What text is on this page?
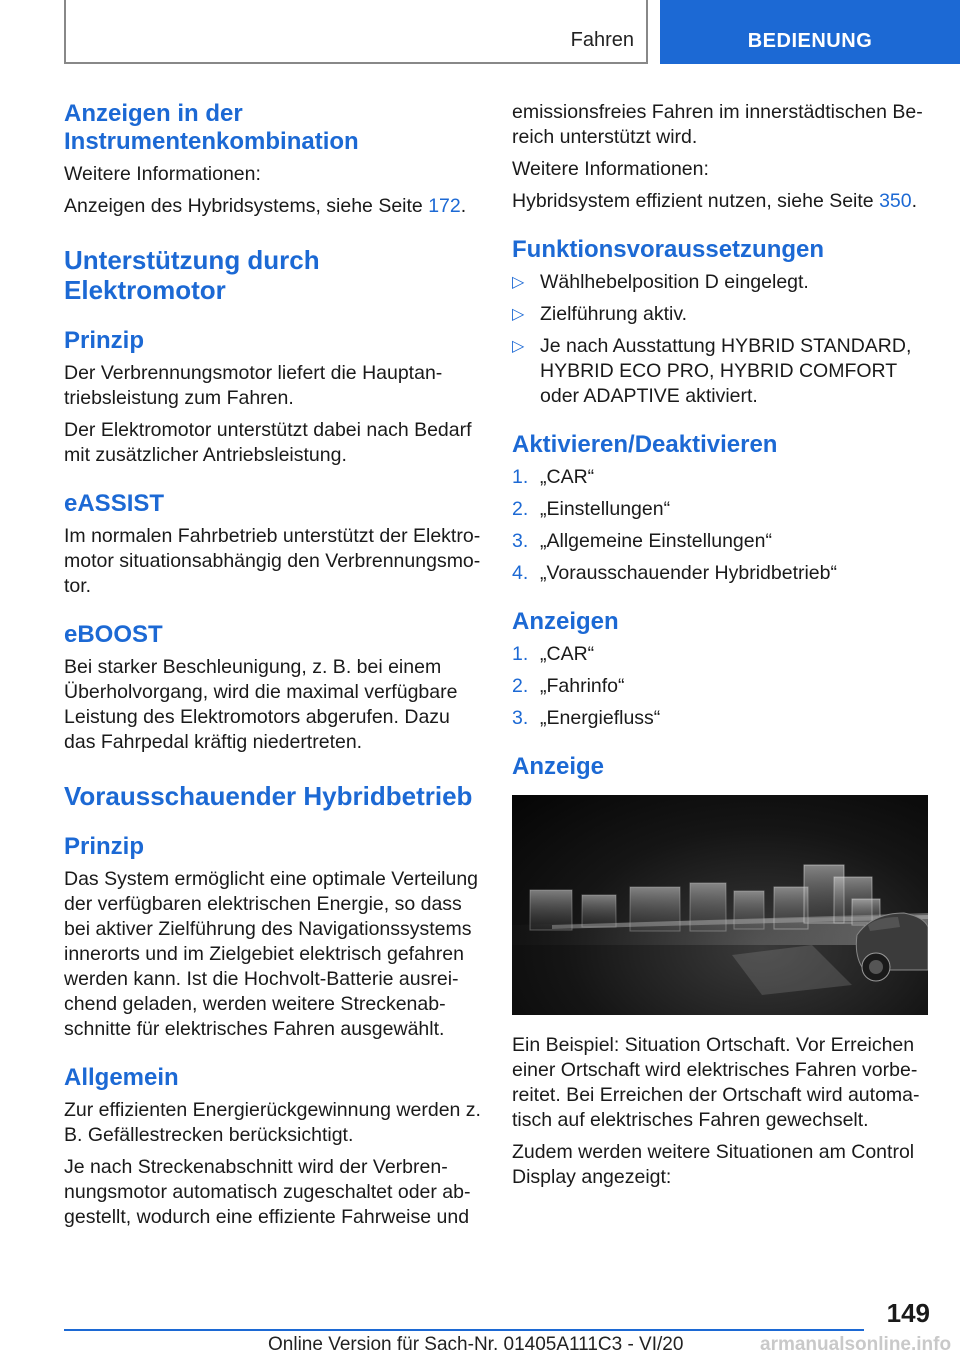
Fahren	BEDIENUNG
Anzeigen in der Instrumentenkombination

Weitere Informationen:

Anzeigen des Hybridsystems, siehe Seite 172.

Unterstützung durch Elektromotor
Prinzip

Der Verbrennungsmotor liefert die Hauptantriebsleistung zum Fahren.

Der Elektromotor unterstützt dabei nach Bedarf mit zusätzlicher Antriebsleistung.

eASSIST

Im normalen Fahrbetrieb unterstützt der Elektromotor situationsabhängig den Verbrennungsmotor.

eBOOST

Bei starker Beschleunigung, z. B. bei einem Überholvorgang, wird die maximal verfügbare Leistung des Elektromotors abgerufen. Dazu das Fahrpedal kräftig niedertreten.

Vorausschauender Hybridbetrieb
Prinzip

Das System ermöglicht eine optimale Verteilung der verfügbaren elektrischen Energie, so dass bei aktiver Zielführung des Navigationssystems innerorts und im Zielgebiet elektrisch gefahren werden kann. Ist die Hochvolt-Batterie ausreichend geladen, werden weitere Streckenabschnitte für elektrisches Fahren ausgewählt.

Allgemein

Zur effizienten Energierückgewinnung werden z. B. Gefällestrecken berücksichtigt.

Je nach Streckenabschnitt wird der Verbrennungsmotor automatisch zugeschaltet oder abgestellt, wodurch eine effiziente Fahrweise und

emissionsfreies Fahren im innerstädtischen Bereich unterstützt wird.

Weitere Informationen:

Hybridsystem effizient nutzen, siehe Seite 350.

Funktionsvoraussetzungen
▷ Wählhebelposition D eingelegt.
▷ Zielführung aktiv.
▷ Je nach Ausstattung HYBRID STANDARD, HYBRID ECO PRO, HYBRID COMFORT oder ADAPTIVE aktiviert.
Aktivieren/Deaktivieren
1. „CAR“
2. „Einstellungen“
3. „Allgemeine Einstellungen“
4. „Vorausschauender Hybridbetrieb“
Anzeigen
1. „CAR“
2. „Fahrinfo“
3. „Energiefluss“
Anzeige

Ein Beispiel: Situation Ortschaft. Vor Erreichen einer Ortschaft wird elektrisches Fahren vorbereitet. Bei Erreichen der Ortschaft wird automatisch auf elektrisches Fahren gewechselt.

Zudem werden weitere Situationen am Control Display angezeigt:

149
Online Version für Sach-Nr. 01405A111C3 - VI/20	armanualsonline.info
